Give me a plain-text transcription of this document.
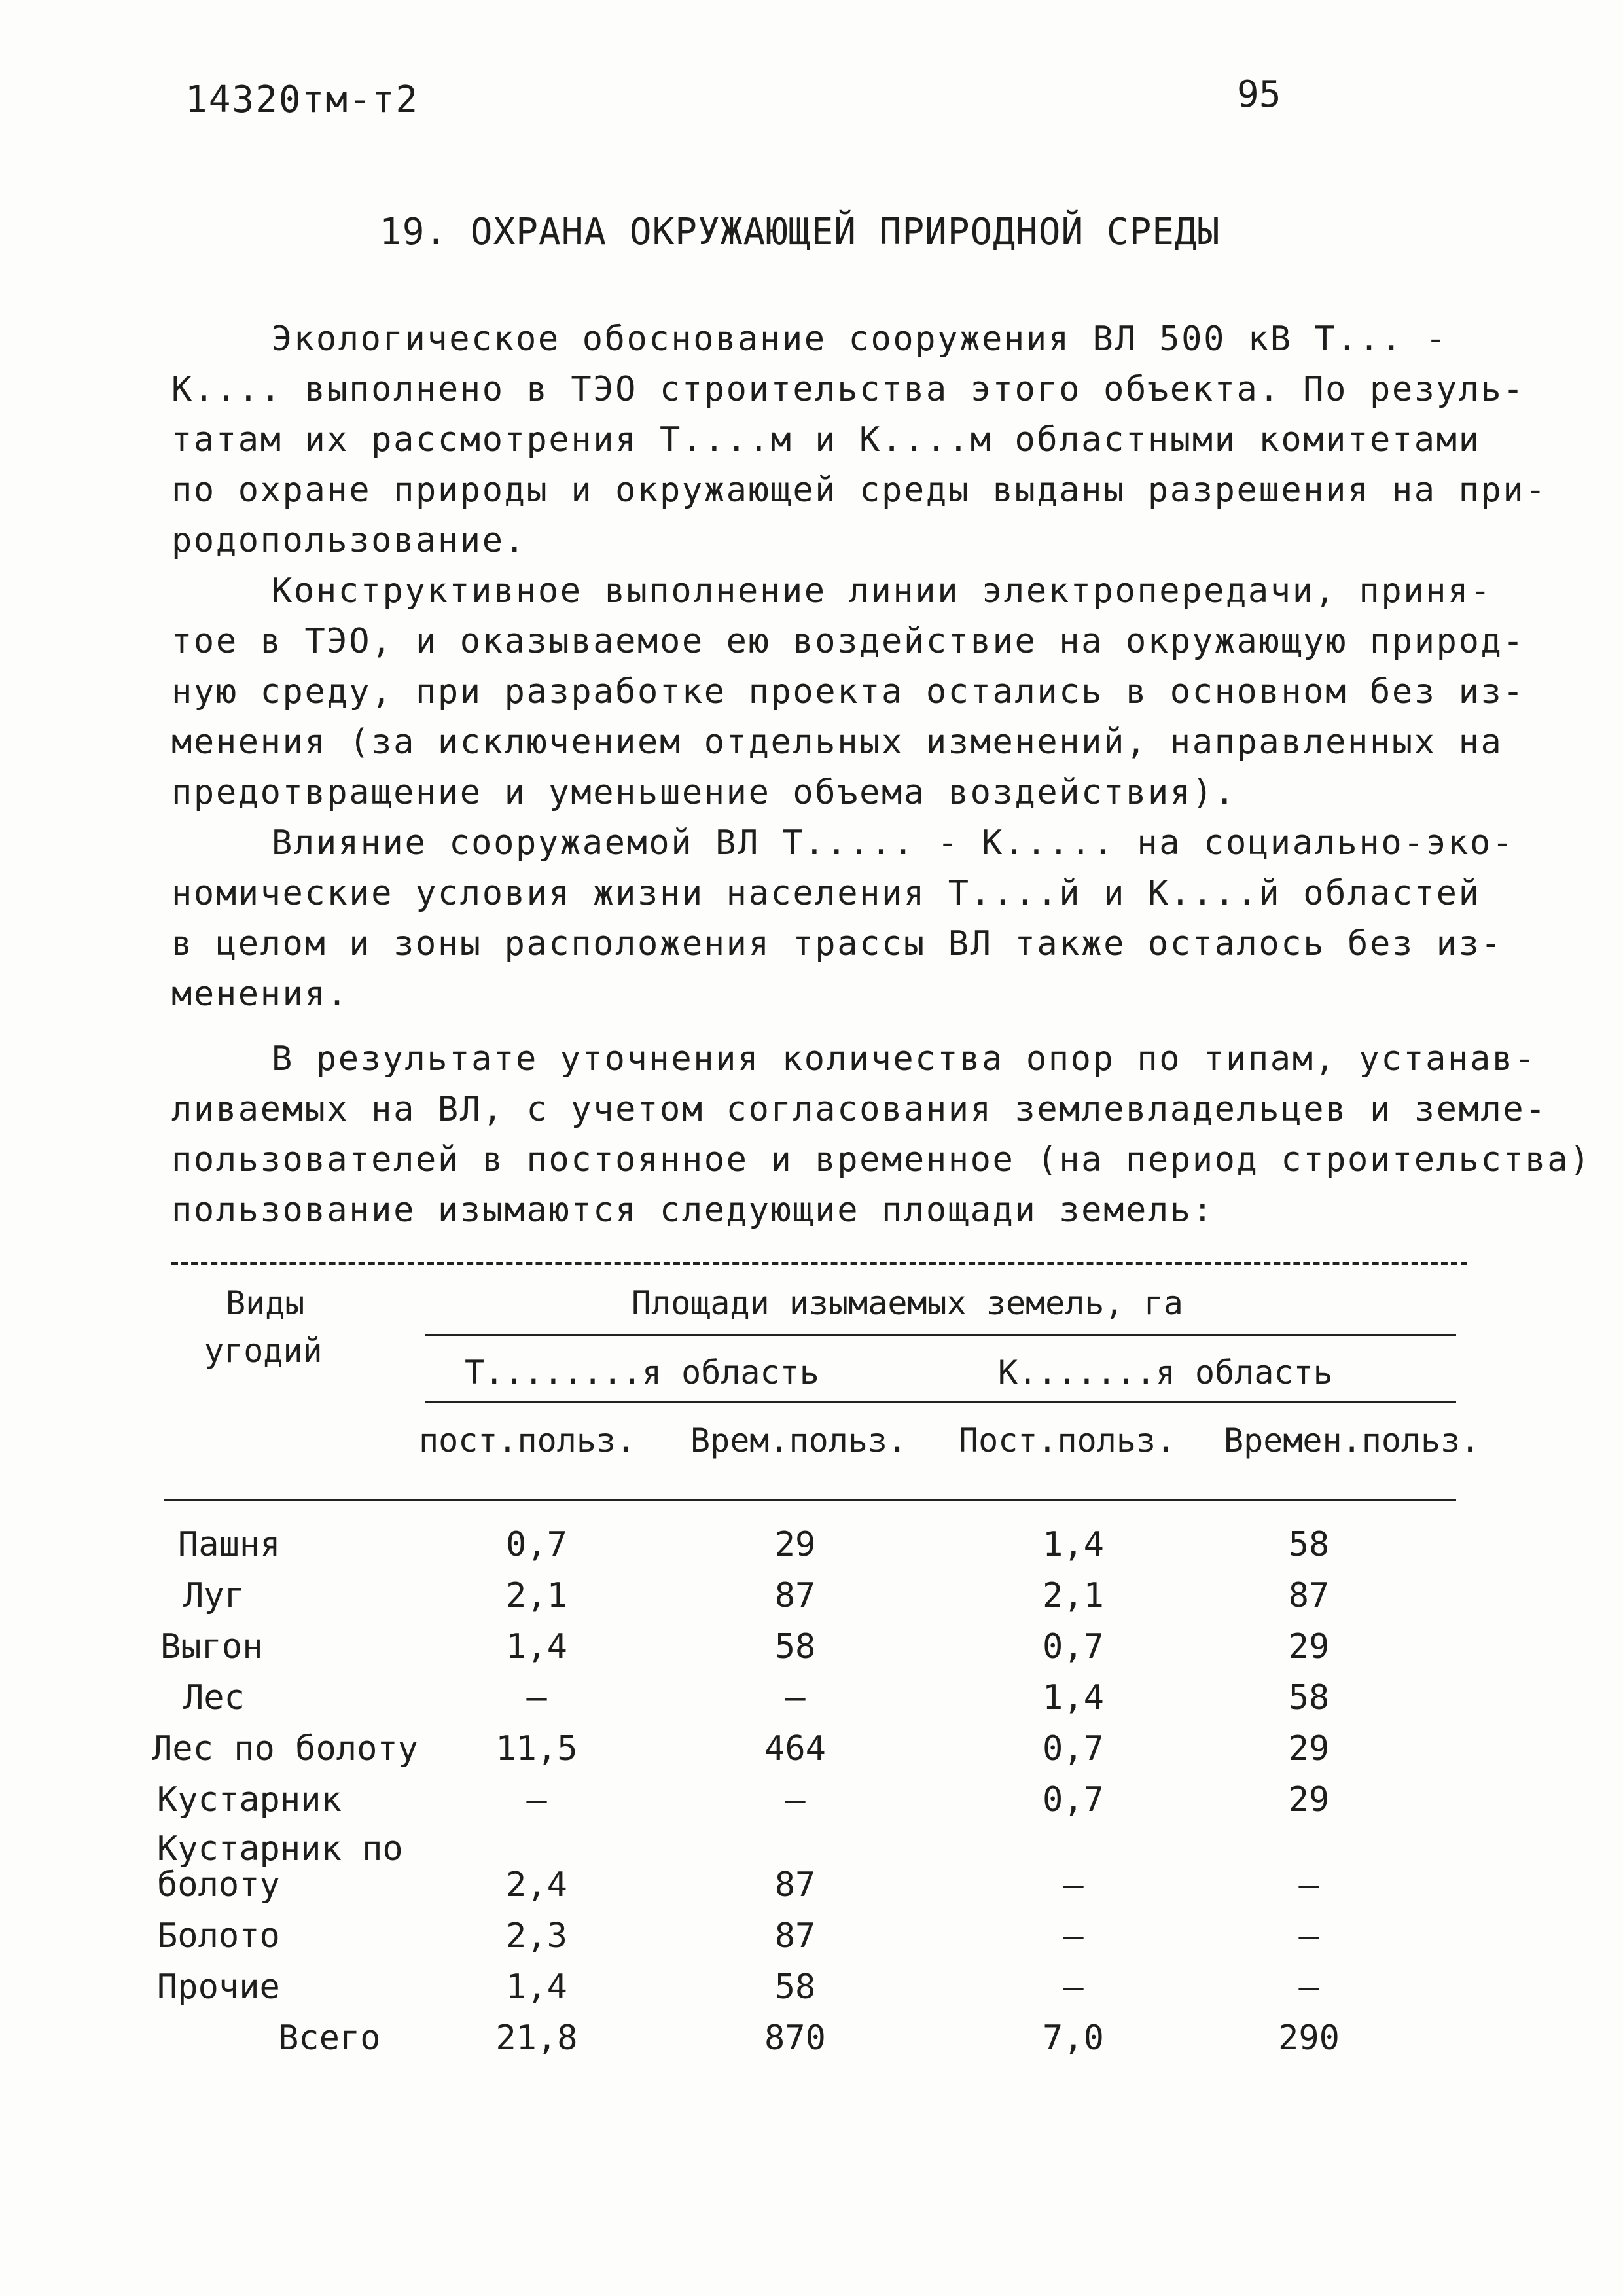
14320тм-т2	95
19. ОХРАНА ОКРУЖАЮЩЕЙ ПРИРОДНОЙ СРЕДЫ
Экологическое обоснование сооружения ВЛ 500 кВ Т... -
К.... выполнено в ТЭО строительства этого объекта. По резуль-
татам их рассмотрения Т....м и К....м областными комитетами
по охране природы и окружающей среды выданы разрешения на при-
родопользование.
Конструктивное выполнение линии электропередачи, приня-
тое в ТЭО, и оказываемое ею воздействие на окружающую природ-
ную среду, при разработке проекта остались в основном без из-
менения (за исключением отдельных изменений, направленных на
предотвращение и уменьшение объема воздействия).
Влияние сооружаемой ВЛ Т..... - К..... на социально-эко-
номические условия жизни населения Т....й и К....й областей
в целом и зоны расположения трассы ВЛ также осталось без из-
менения.
В результате уточнения количества опор по типам, устанав-
ливаемых на ВЛ, с учетом согласования землевладельцев и земле-
пользователей в постоянное и временное (на период строительства)
пользование изымаются следующие площади земель:
Виды
угодий
Площади изымаемых земель, га
Т........я область	К.......я область
пост.польз. Врем.польз. Пост.польз. Времен.польз.
Пашня	0,7	29	1,4	58
Луг	2,1	87	2,1	87
Выгон	1,4	58	0,7	29
Лес	–	–	1,4	58
Лес по болоту	11,5	464	0,7	29
Кустарник	–	–	0,7	29
Кустарник по
болоту	2,4	87	–	–
Болото	2,3	87	–	–
Прочие	1,4	58	–	–
Всего	21,8	870	7,0	290
